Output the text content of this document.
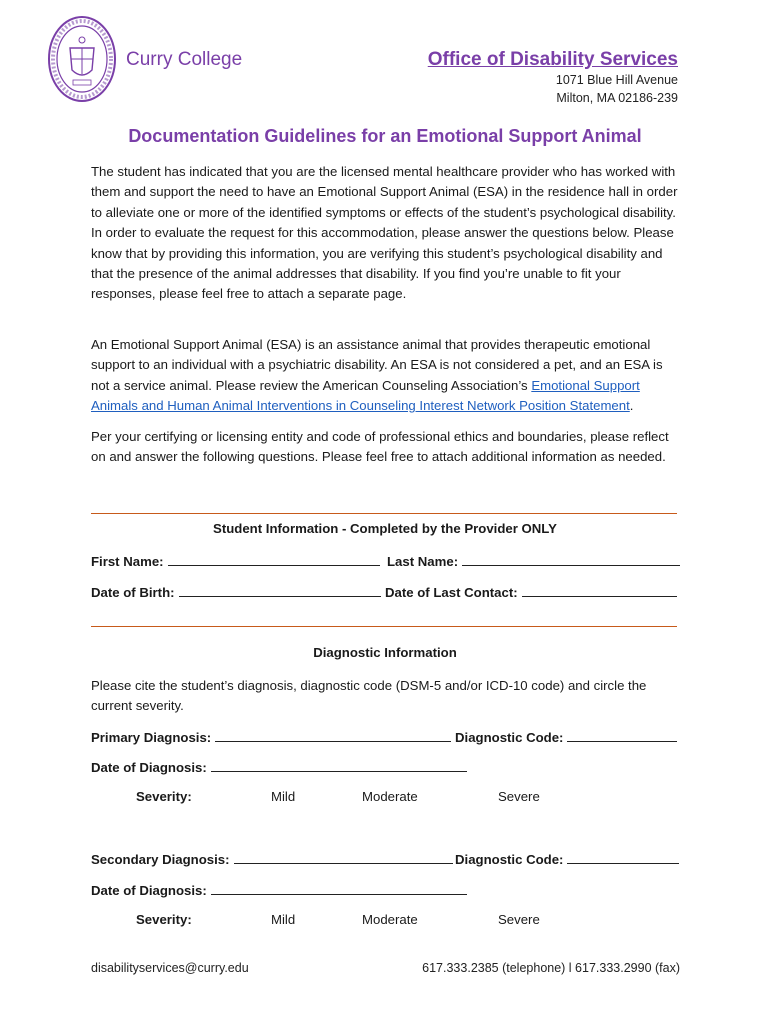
Curry College	Office of Disability Services
1071 Blue Hill Avenue
Milton, MA 02186-239
Documentation Guidelines for an Emotional Support Animal
The student has indicated that you are the licensed mental healthcare provider who has worked with them and support the need to have an Emotional Support Animal (ESA) in the residence hall in order to alleviate one or more of the identified symptoms or effects of the student’s psychological disability. In order to evaluate the request for this accommodation, please answer the questions below. Please know that by providing this information, you are verifying this student’s psychological disability and that the presence of the animal addresses that disability. If you find you’re unable to fit your responses, please feel free to attach a separate page.
An Emotional Support Animal (ESA) is an assistance animal that provides therapeutic emotional support to an individual with a psychiatric disability. An ESA is not considered a pet, and an ESA is not a service animal. Please review the American Counseling Association’s Emotional Support Animals and Human Animal Interventions in Counseling Interest Network Position Statement.
Per your certifying or licensing entity and code of professional ethics and boundaries, please reflect on and answer the following questions. Please feel free to attach additional information as needed.
Student Information - Completed by the Provider ONLY
First Name:	Last Name:
Date of Birth:	Date of Last Contact:
Diagnostic Information
Please cite the student’s diagnosis, diagnostic code (DSM-5 and/or ICD-10 code) and circle the current severity.
Primary Diagnosis:	Diagnostic Code:
Date of Diagnosis:
Severity:	Mild	Moderate	Severe
Secondary Diagnosis:	Diagnostic Code:
Date of Diagnosis:
Severity:	Mild	Moderate	Severe
disabilityservices@curry.edu	617.333.2385 (telephone) l 617.333.2990 (fax)
